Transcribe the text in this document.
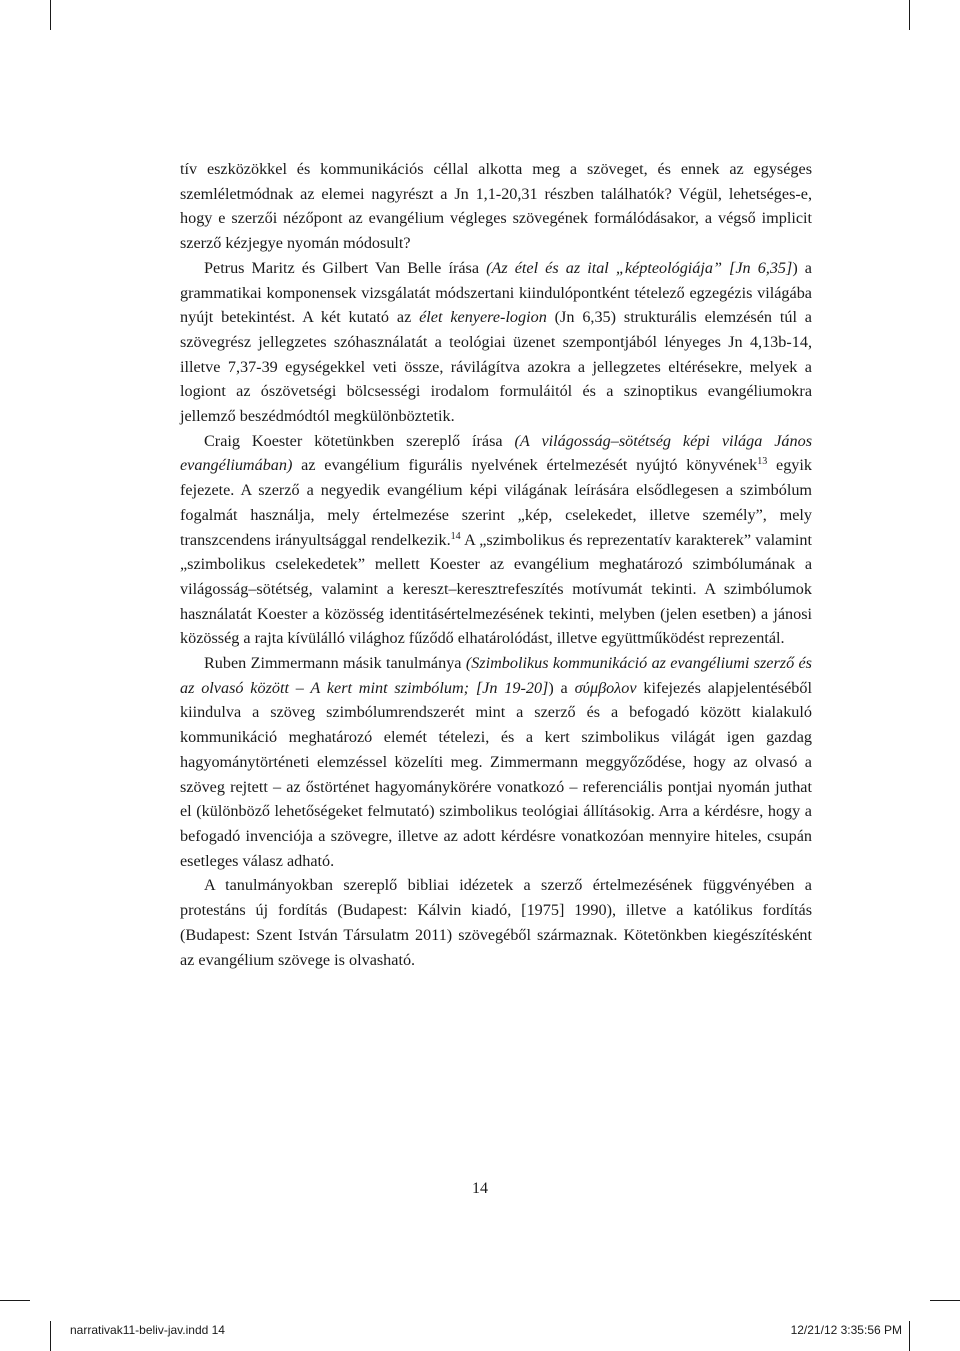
tív eszközökkel és kommunikációs céllal alkotta meg a szöveget, és ennek az egységes szemléletmódnak az elemei nagyrészt a Jn 1,1-20,31 részben találhatók? Végül, lehetséges-e, hogy e szerzői nézőpont az evangélium végleges szövegének formálódásakor, a végső implicit szerző kézjegye nyomán módosult?

Petrus Maritz és Gilbert Van Belle írása (Az étel és az ital „képteológiája” [Jn 6,35]) a grammatikai komponensek vizsgálatát módszertani kiindulópontként tételező egzegézis világába nyújt betekintést. A két kutató az élet kenyere-logion (Jn 6,35) strukturális elemzésén túl a szövegrész jellegzetes szóhasználatát a teológiai üzenet szempontjából lényeges Jn 4,13b-14, illetve 7,37-39 egységekkel veti össze, rávilágítva azokra a jellegzetes eltérésekre, melyek a logiont az ószövetségi bölcsességi irodalom formuláitól és a szinoptikus evangéliumokra jellemző beszédmódtól megkülönböztetik.

Craig Koester kötetünkben szereplő írása (A világosság–sötétség képi világa János evangéliumában) az evangélium figurális nyelvének értelmezését nyújtó könyvének$^{13}$ egyik fejezete. A szerző a negyedik evangélium képi világának leírására elsődlegesen a szimbólum fogalmát használja, mely értelmezése szerint „kép, cselekedet, illetve személy”, mely transzcendens irányultsággal rendelkezik.$^{14}$ A „szimbolikus és reprezentatív karakterek” valamint „szimbolikus cselekedetek” mellett Koester az evangélium meghatározó szimbólumának a világosság–sötétség, valamint a kereszt–keresztrefeszítés motívumát tekinti. A szimbólumok használatát Koester a közösség identitásértelmezésének tekinti, melyben (jelen esetben) a jánosi közösség a rajta kívülálló világhoz fűződő elhatárolódást, illetve együttműködést reprezentál.

Ruben Zimmermann másik tanulmánya (Szimbolikus kommunikáció az evangéliumi szerző és az olvasó között – A kert mint szimbólum; [Jn 19-20]) a σύμβολον kifejezés alapjelentéséből kiindulva a szöveg szimbólumrendszerét mint a szerző és a befogadó között kialakuló kommunikáció meghatározó elemét tételezi, és a kert szimbolikus világát igen gazdag hagyománytörténeti elemzéssel közelíti meg. Zimmermann meggyőződése, hogy az olvasó a szöveg rejtett – az őstörténet hagyománykörére vonatkozó – referenciális pontjai nyomán juthat el (különböző lehetőségeket felmutató) szimbolikus teológiai állításokig. Arra a kérdésre, hogy a befogadó invenciója a szövegre, illetve az adott kérdésre vonatkozóan mennyire hiteles, csupán esetleges válasz adható.

A tanulmányokban szereplő bibliai idézetek a szerző értelmezésének függvényében a protestáns új fordítás (Budapest: Kálvin kiadó, [1975] 1990), illetve a katólikus fordítás (Budapest: Szent István Társulatm 2011) szövegéből származnak. Kötetönkben kiegészítésként az evangélium szövege is olvasható.

14
narrativak11-beliv-jav.indd 14	12/21/12 3:35:56 PM
